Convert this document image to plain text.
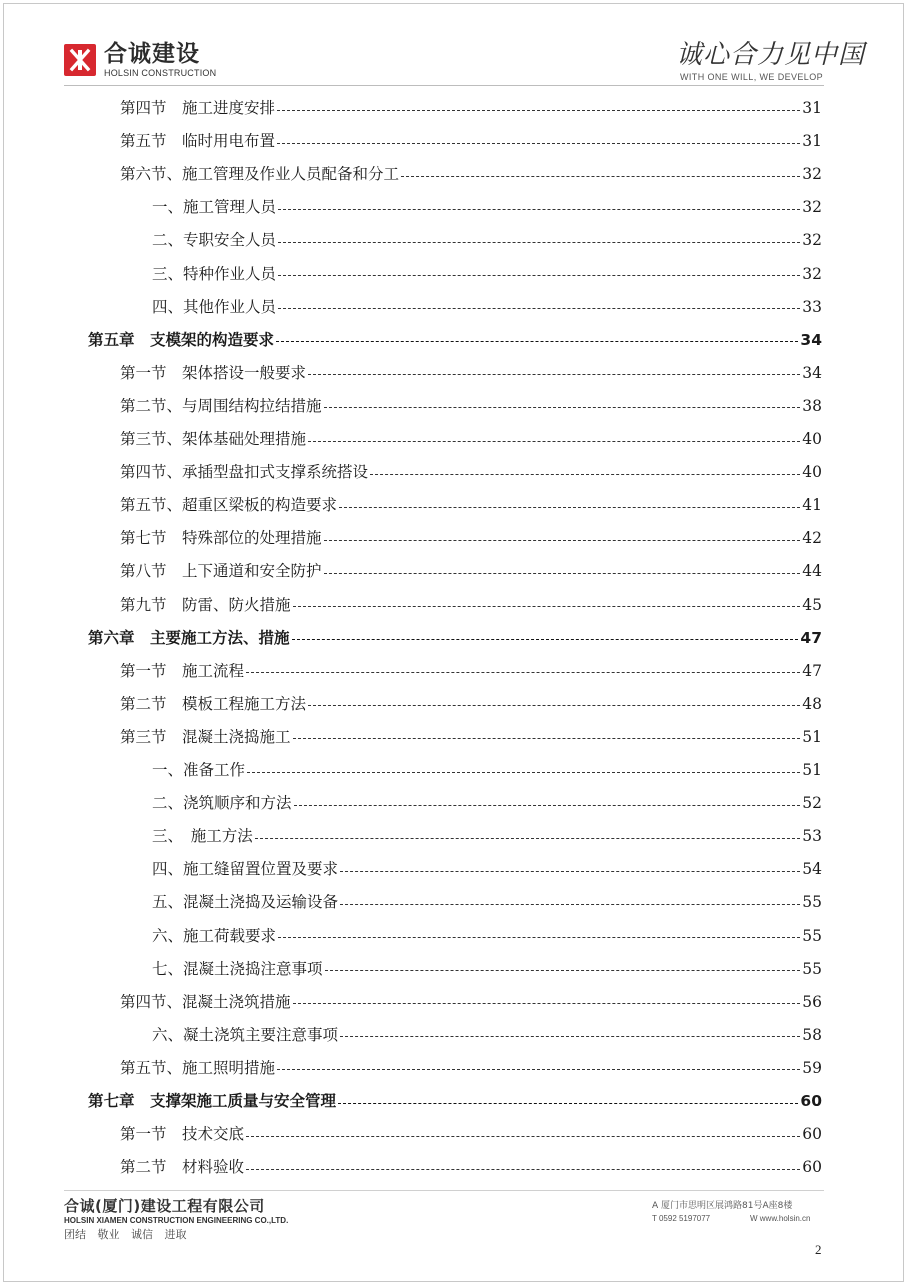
合诚建设
HOLSIN CONSTRUCTION
诚心合力见中国
WITH ONE WILL, WE DEVELOP
第四节　施工进度安排	31
第五节　临时用电布置	31
第六节、施工管理及作业人员配备和分工	32
一、施工管理人员	32
二、专职安全人员	32
三、特种作业人员	32
四、其他作业人员	33
第五章　支模架的构造要求	34
第一节　架体搭设一般要求	34
第二节、与周围结构拉结措施	38
第三节、架体基础处理措施	40
第四节、承插型盘扣式支撑系统搭设	40
第五节、超重区梁板的构造要求	41
第七节　特殊部位的处理措施	42
第八节　上下通道和安全防护	44
第九节　防雷、防火措施	45
第六章　主要施工方法、措施	47
第一节　施工流程	47
第二节　模板工程施工方法	48
第三节　混凝土浇捣施工	51
一、准备工作	51
二、浇筑顺序和方法	52
三、　施工方法	53
四、施工缝留置位置及要求	54
五、混凝土浇捣及运输设备	55
六、施工荷载要求	55
七、混凝土浇捣注意事项	55
第四节、混凝土浇筑措施	56
六、凝土浇筑主要注意事项	58
第五节、施工照明措施	59
第七章　支撑架施工质量与安全管理	60
第一节　技术交底	60
第二节　材料验收	60
合诚(厦门)建设工程有限公司
HOLSIN XIAMEN CONSTRUCTION ENGINEERING CO.,LTD.
团结 敬业 诚信 进取
A 厦门市思明区展鸿路81号A座8楼
T 0592 5197077	W www.holsin.cn
2
